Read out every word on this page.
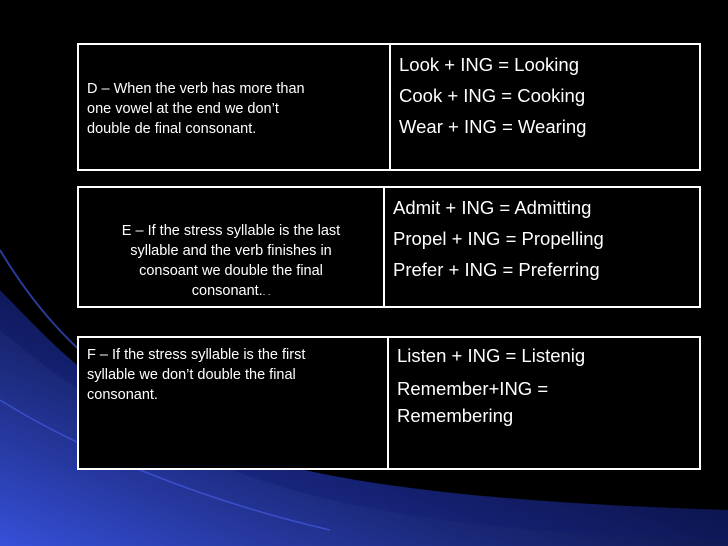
D – When the verb has more than
one vowel at the end we don’t
double de final consonant.
Look + ING = Looking
Cook + ING = Cooking
Wear + ING = Wearing
E – If the stress syllable is the last
syllable and the verb finishes in
consoant we double the final
consonant.. .
Admit + ING = Admitting
Propel + ING = Propelling
Prefer + ING = Preferring
F – If the stress syllable is the first
syllable we don’t double the final
consonant.
Listen + ING = Listenig
Remember+ING =
Remembering
